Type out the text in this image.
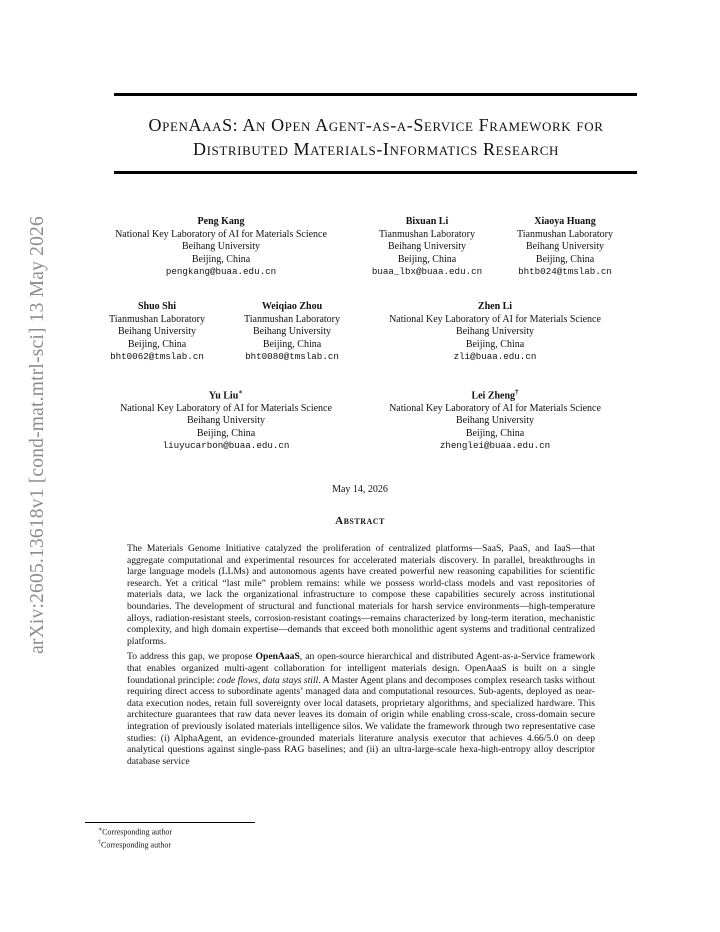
arXiv:2605.13618v1 [cond-mat.mtrl-sci] 13 May 2026
OpenAaaS: An Open Agent-as-a-Service Framework for
Distributed Materials-Informatics Research
Peng Kang
National Key Laboratory of AI for Materials Science
Beihang University
Beijing, China
pengkang@buaa.edu.cn
Bixuan Li
Tianmushan Laboratory
Beihang University
Beijing, China
buaa_lbx@buaa.edu.cn
Xiaoya Huang
Tianmushan Laboratory
Beihang University
Beijing, China
bhtb024@tmslab.cn
Shuo Shi
Tianmushan Laboratory
Beihang University
Beijing, China
bht0062@tmslab.cn
Weiqiao Zhou
Tianmushan Laboratory
Beihang University
Beijing, China
bht0080@tmslab.cn
Zhen Li
National Key Laboratory of AI for Materials Science
Beihang University
Beijing, China
zli@buaa.edu.cn
Yu Liu∗
National Key Laboratory of AI for Materials Science
Beihang University
Beijing, China
liuyucarbon@buaa.edu.cn
Lei Zheng†
National Key Laboratory of AI for Materials Science
Beihang University
Beijing, China
zhenglei@buaa.edu.cn
May 14, 2026
Abstract

The Materials Genome Initiative catalyzed the proliferation of centralized platforms—SaaS, PaaS, and IaaS—that aggregate computational and experimental resources for accelerated materials discovery. In parallel, breakthroughs in large language models (LLMs) and autonomous agents have created powerful new reasoning capabilities for scientific research. Yet a critical “last mile” problem remains: while we possess world-class models and vast repositories of materials data, we lack the organizational infrastructure to compose these capabilities securely across institutional boundaries. The development of structural and functional materials for harsh service environments—high-temperature alloys, radiation-resistant steels, corrosion-resistant coatings—remains characterized by long-term iteration, mechanistic complexity, and high domain expertise—demands that exceed both monolithic agent systems and traditional centralized platforms.

To address this gap, we propose OpenAaaS, an open-source hierarchical and distributed Agent-as-a-Service framework that enables organized multi-agent collaboration for intelligent materials design. OpenAaaS is built on a single foundational principle: code flows, data stays still. A Master Agent plans and decomposes complex research tasks without requiring direct access to subordinate agents’ managed data and computational resources. Sub-agents, deployed as near-data execution nodes, retain full sovereignty over local datasets, proprietary algorithms, and specialized hardware. This architecture guarantees that raw data never leaves its domain of origin while enabling cross-scale, cross-domain secure integration of previously isolated materials intelligence silos. We validate the framework through two representative case studies: (i) AlphaAgent, an evidence-grounded materials literature analysis executor that achieves 4.66/5.0 on deep analytical questions against single-pass RAG baselines; and (ii) an ultra-large-scale hexa-high-entropy alloy descriptor database service

∗Corresponding author
†Corresponding author
